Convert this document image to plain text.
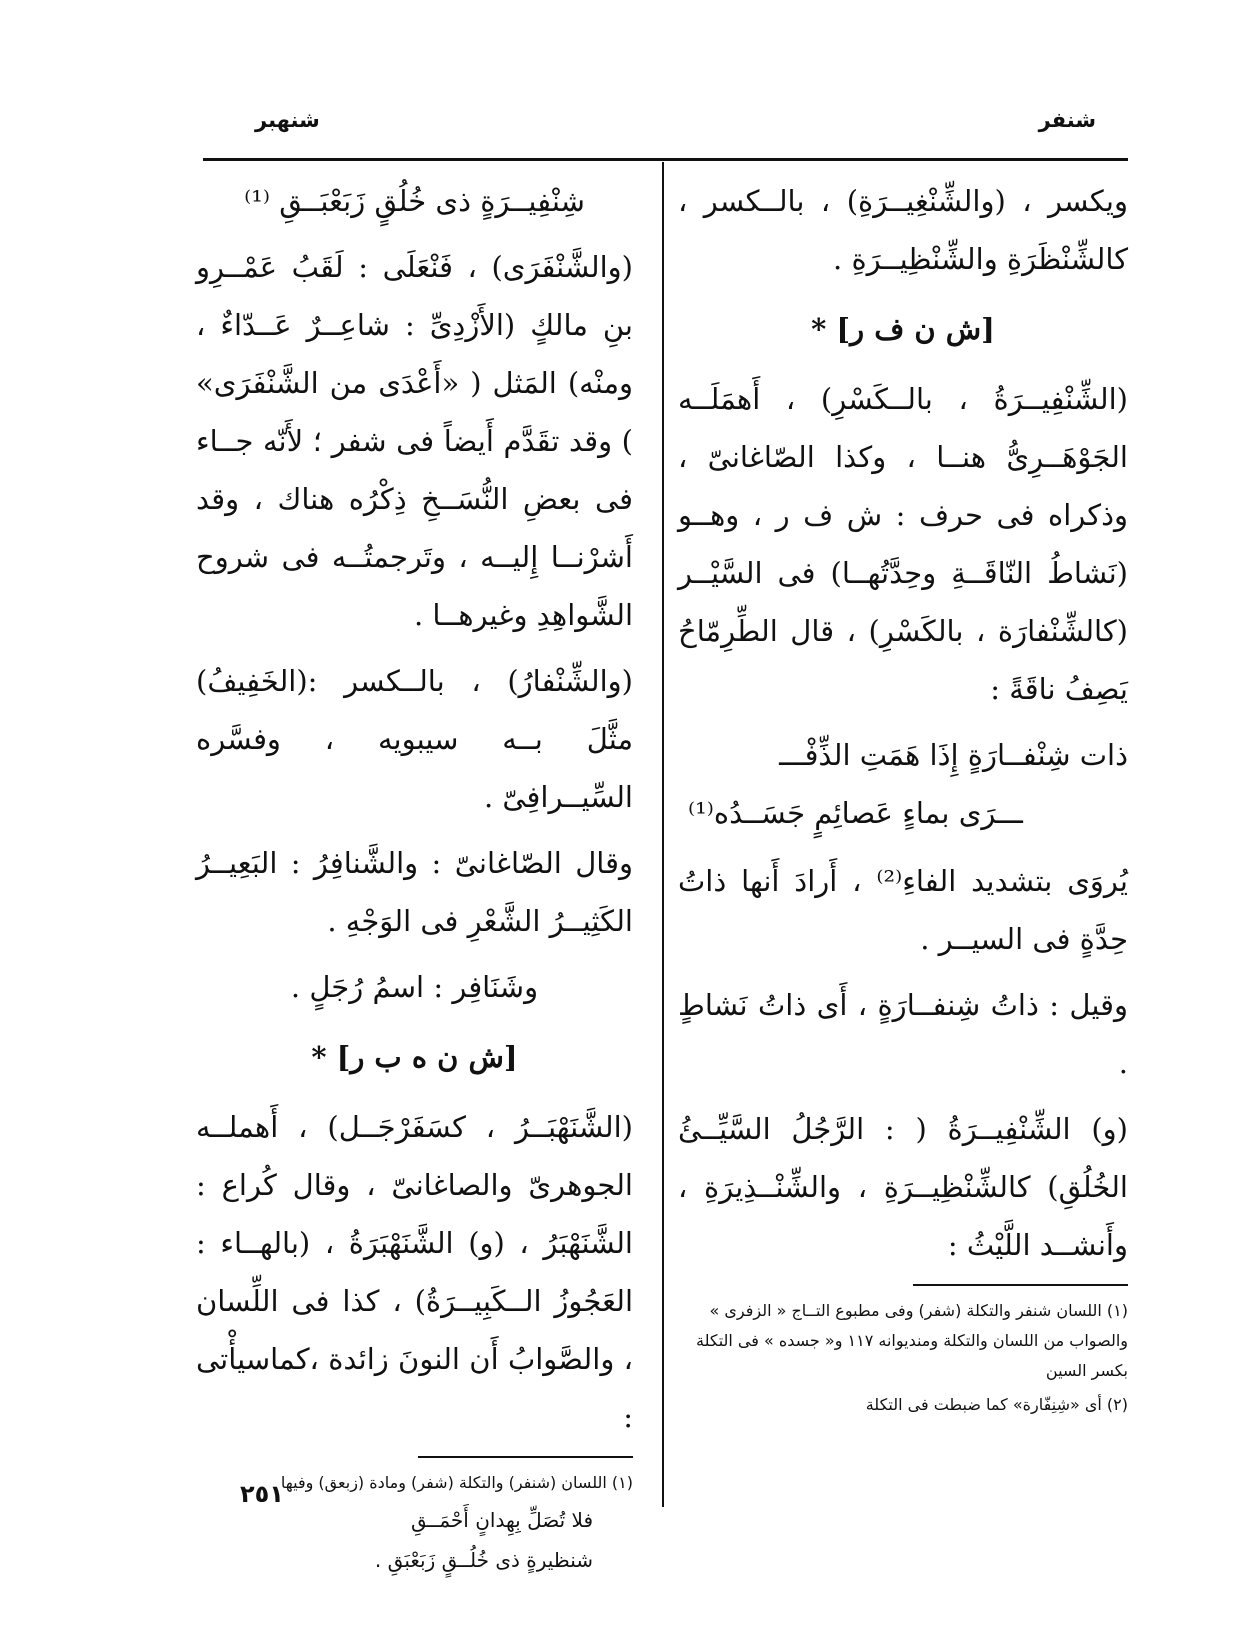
شنفر
شنهبر

ويكسر ، (والشِّنْغِيــرَةِ) ، بالــكسر ، كالشِّنْظَرَةِ والشِّنْظِيــرَةِ .

[ش ن ف ر] *

(الشِّنْفِيــرَةُ ، بالــكَسْرِ) ، أَهمَلَــه الجَوْهَــرِىُّ هنــا ، وكذا الصّاغانىّ ، وذكراه فى حرف : ش ف ر ، وهــو (نَشاطُ النّاقَــةِ وحِدَّتُهــا) فى السَّيْــر (كالشِّنْفارَة ، بالكَسْرِ) ، قال الطِّرِمّاحُ يَصِفُ ناقَةً :

ذات شِنْفــارَةٍ إِذَا هَمَتِ الذِّفْـــ
ـــرَى بماءٍ عَصائِمٍ جَسَــدُه⁽¹⁾

يُروَى بتشديد الفاءِ⁽²⁾ ، أَرادَ أَنها ذاتُ حِدَّةٍ فى السيــر .

وقيل : ذاتُ شِنفــارَةٍ ، أَى ذاتُ نَشاطٍ .

(و) الشِّنْفِيــرَةُ ( : الرَّجُلُ السَّيِّــئُ الخُلُقِ) كالشِّنْظِيــرَةِ ، والشِّنْــذِيرَةِ ، وأَنشــد اللَّيْثُ :

(١) اللسان شنفر والتكلة (شفر) وفى مطبوع التــاج « الزفرى » والصواب من اللسان والتكلة ومنديوانه ١١٧ و« جسده » فى التكلة بكسر السين

(٢) أى «شِنِفّارة» كما ضبطت فى التكلة

شِنْفِيــرَةٍ ذى خُلُقٍ زَبَعْبَــقِ ⁽¹⁾

(والشَّنْفَرَى) ، فَنْعَلَى : لَقَبُ عَمْــرِو بنِ مالكٍ (الأَزْدِىِّ : شاعِــرٌ عَــدّاءٌ ، ومنْه) المَثل ( «أَعْدَى من الشَّنْفَرَى» ) وقد تقَدَّم أَيضاً فى شفر ؛ لأَنّه جــاء فى بعضِ النُّسَــخِ ذِكْرُه هناك ، وقد أَشرْنــا إِليــه ، وتَرجمتُــه فى شروح الشَّواهِدِ وغيرهــا .

(والشِّنْفارُ) ، بالــكسر :(الخَفِيفُ) مثَّلَ بــه سيبويه ، وفسَّره السِّيــرافِىّ .

وقال الصّاغانىّ : والشَّنافِرُ : البَعِيــرُ الكَثِيــرُ الشَّعْرِ فى الوَجْهِ .

وشَنَافِر : اسمُ رُجَلٍ .

[ش ن ه ب ر] *

(الشَّنَهْبَــرُ ، كسَفَرْجَــل) ، أَهملــه الجوهرىّ والصاغانىّ ، وقال كُراع : الشَّنَهْبَرُ ، (و) الشَّنَهْبَرَةُ ، (بالهــاء : العَجُوزُ الــكَبِيــرَةُ) ، كذا فى اللِّسان ، والصَّوابُ أَن النونَ زائدة ،كماسيأْتى :

(١) اللسان (شنفر) والتكلة (شفر) ومادة (زبعق) وفيها

فلا تُصَلِّ بِهِدانٍ أَحْمَــقِ

شنظيرةٍ ذى خُلُــقٍ زَبَعْبَقِ .

٢٥١
